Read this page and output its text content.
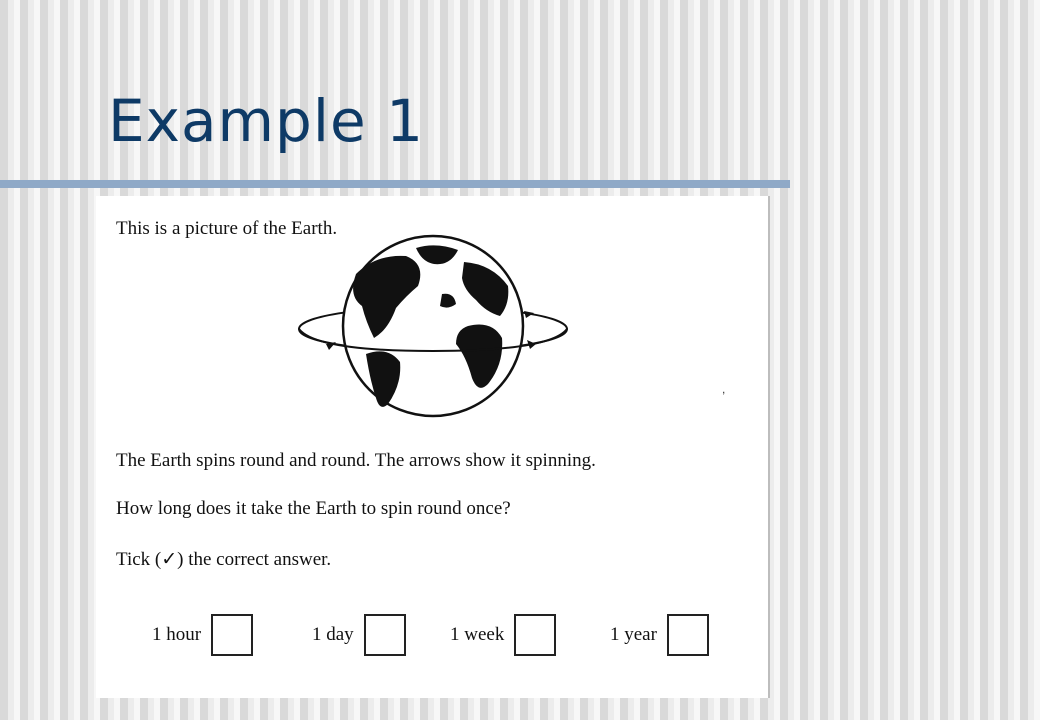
Example 1
This is a picture of the Earth.
,
The Earth spins round and round. The arrows show it spinning.
How long does it take the Earth to spin round once?
Tick (✓) the correct answer.
1 hour	1 day	1 week	1 year
